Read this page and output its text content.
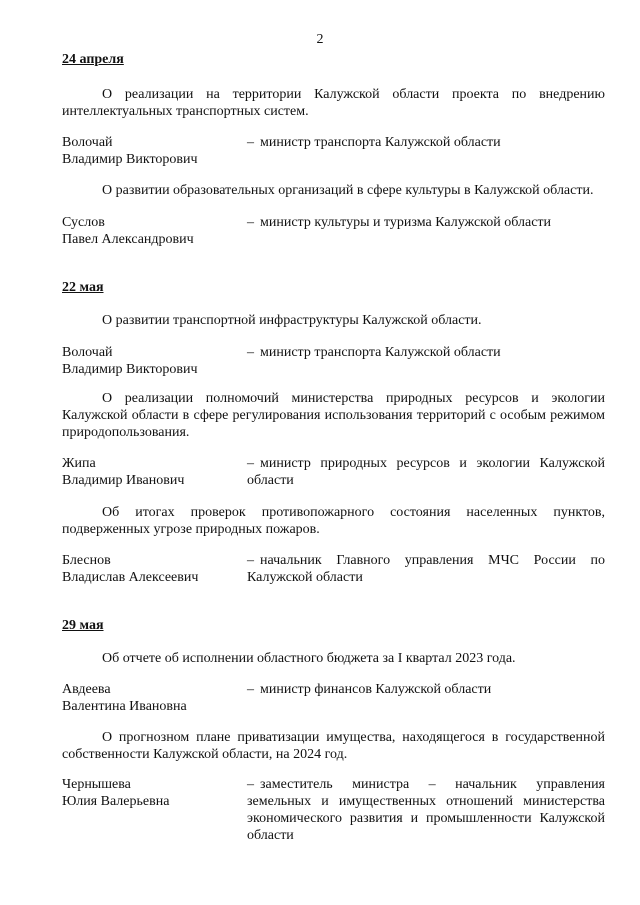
2
24 апреля
О реализации на территории Калужской области проекта по внедрению интеллектуальных транспортных систем.
Волочай
Владимир Викторович
– министр транспорта Калужской области
О развитии образовательных организаций в сфере культуры в Калужской области.
Суслов
Павел Александрович
– министр культуры и туризма Калужской области
22 мая
О развитии транспортной инфраструктуры Калужской области.
Волочай
Владимир Викторович
– министр транспорта Калужской области
О реализации полномочий министерства природных ресурсов и экологии Калужской области в сфере регулирования использования территорий с особым режимом природопользования.
Жипа
Владимир Иванович
– министр природных ресурсов и экологии Калужской области
Об итогах проверок противопожарного состояния населенных пунктов, подверженных угрозе природных пожаров.
Блеснов
Владислав Алексеевич
– начальник Главного управления МЧС России по Калужской области
29 мая
Об отчете об исполнении областного бюджета за I квартал 2023 года.
Авдеева
Валентина Ивановна
– министр финансов Калужской области
О прогнозном плане приватизации имущества, находящегося в государственной собственности Калужской области, на 2024 год.
Чернышева
Юлия Валерьевна
– заместитель министра – начальник управления земельных и имущественных отношений министерства экономического развития и промышленности Калужской области
